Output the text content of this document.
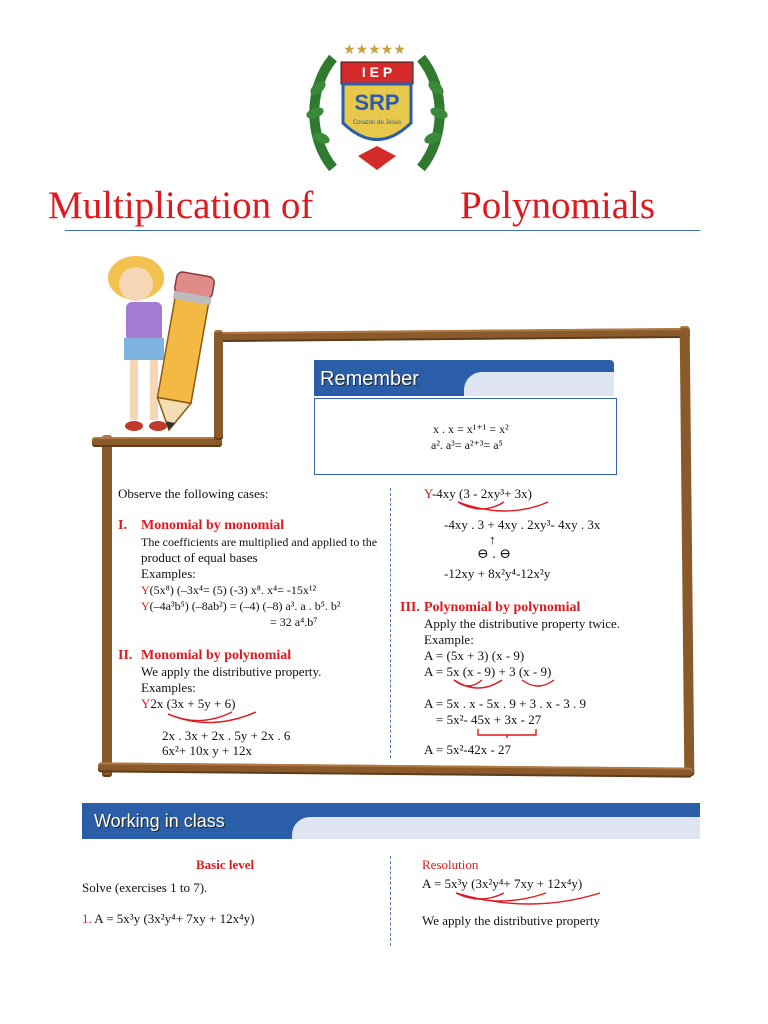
★★★★★
I E P
SRP
Corazón de Jesús
Multiplication of	Polynomials
Remember
x . x = x¹⁺¹ = x²
a². a³= a²⁺³= a⁵
Observe the following cases:
I. Monomial by monomial
The coefficients are multiplied and applied to the
product of equal bases
Examples:
Y(5x⁸) (–3x⁴= (5) (-3) x⁸. x⁴= -15x¹²
Y(–4a³b⁵) (–8ab²) = (–4) (–8) a³. a . b⁵. b²
= 32 a⁴.b⁷
II. Monomial by polynomial
We apply the distributive property.
Examples:
Y2x (3x + 5y + 6)
2x . 3x + 2x . 5y + 2x . 6
6x²+ 10x y + 12x
Y-4xy (3 - 2xy³+ 3x)
-4xy . 3 + 4xy . 2xy³- 4xy . 3x
↑
⊖ . ⊖
-12xy + 8x²y⁴-12x²y
III. Polynomial by polynomial
Apply the distributive property twice.
Example:
A = (5x + 3) (x - 9)
A = 5x (x - 9) + 3 (x - 9)
A = 5x . x - 5x . 9 + 3 . x - 3 . 9
= 5x²- 45x + 3x - 27
A = 5x²-42x - 27
Working in class
Basic level
Solve (exercises 1 to 7).
1. A = 5x³y (3x²y⁴+ 7xy + 12x⁴y)
Resolution
A = 5x³y (3x²y⁴+ 7xy + 12x⁴y)
We apply the distributive property
